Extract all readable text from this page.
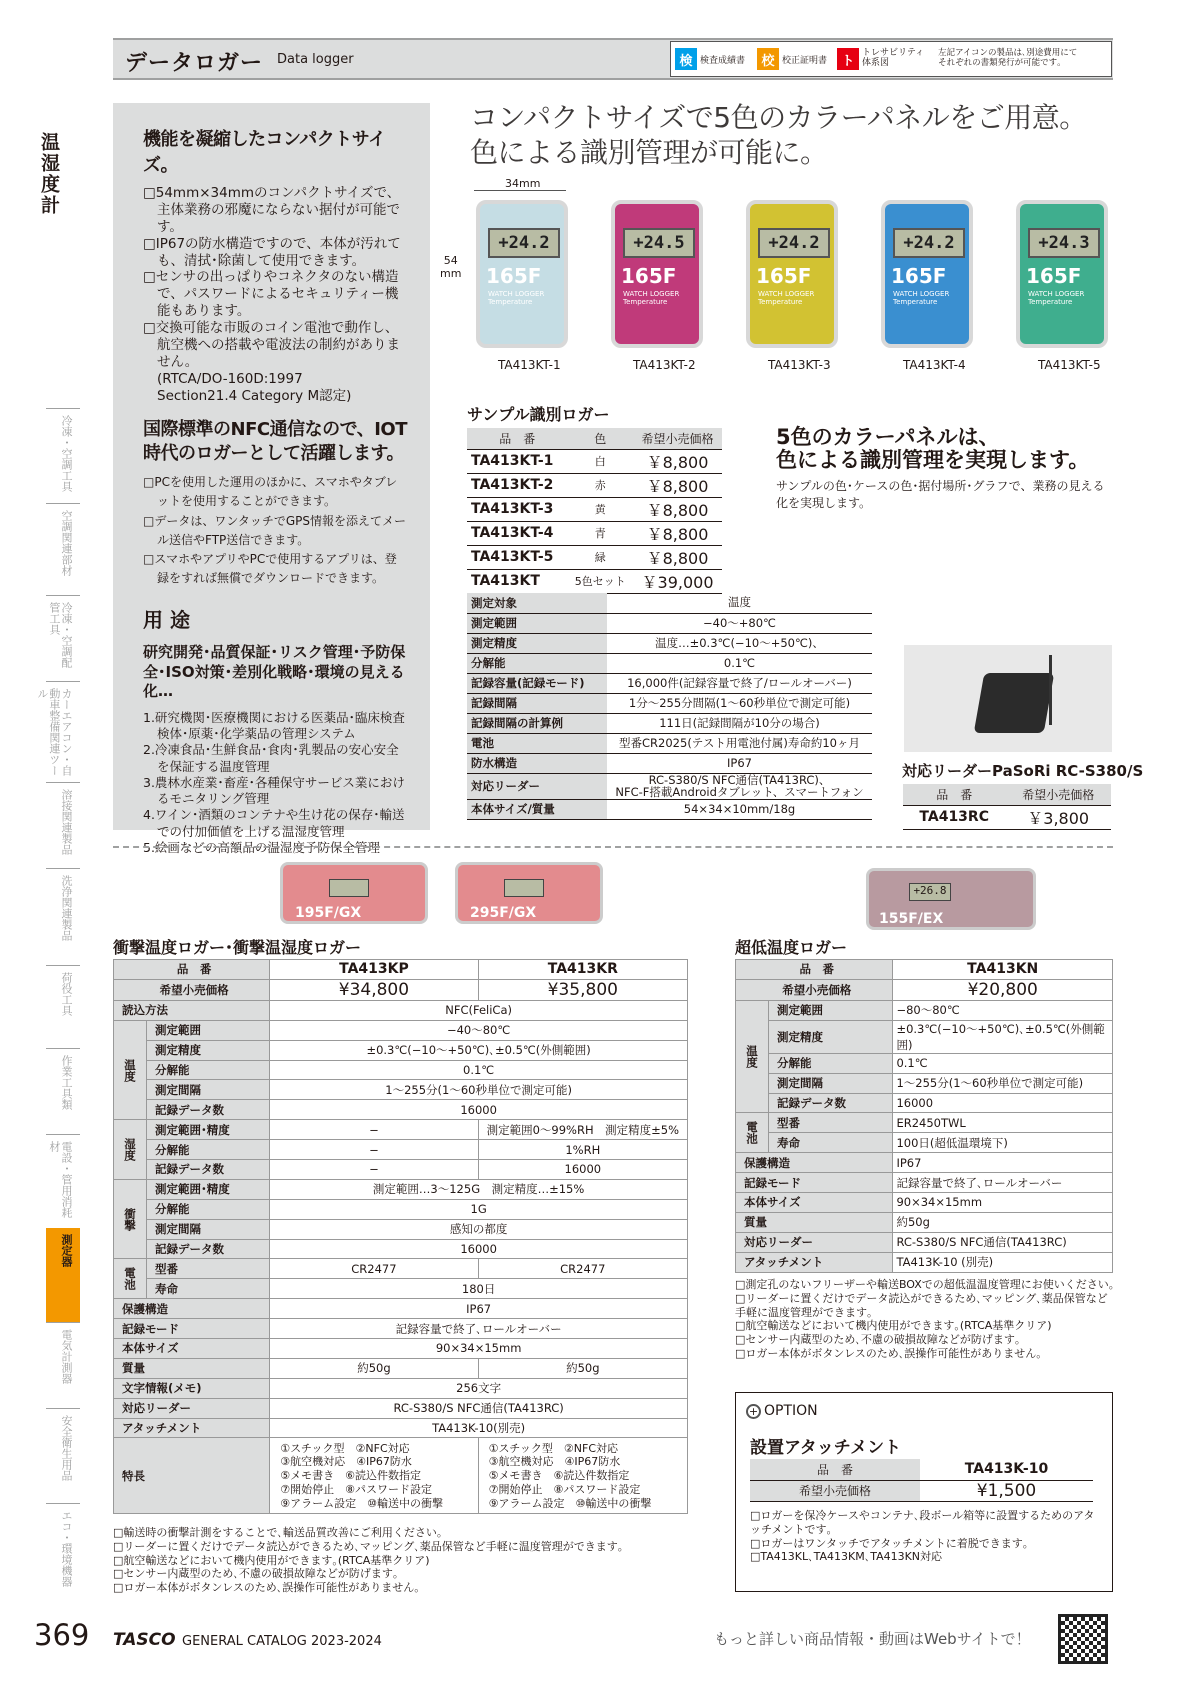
データロガー Data logger	検 検査成績書	校 校正証明書	ト
トレサビリティ
体系図
左記アイコンの製品は､別途費用にて
それぞれの書類発行が可能です｡
温湿度計
冷凍・空調工具
空調関連部材
冷凍・空調配管工具
カーエアコン・自動車整備関連ツール
溶接関連製品
洗浄関連製品
荷役工具
作業工具類
電設・管用消耗材
測定器
電気計測器
安全衛生用品
エコ・環境機器
機能を凝縮したコンパクトサイズ｡

□54mm×34mmのコンパクトサイズで、主体業務の邪魔にならない据付が可能です。

□IP67の防水構造ですので、本体が汚れても、清拭･除菌して使用できます。

□センサの出っぱりやコネクタのない構造で、パスワードによるセキュリティー機能もあります。

□交換可能な市販のコイン電池で動作し、航空機への搭載や電波法の制約がありません。

(RTCA/DO-160D:1997
Section21.4 Category M認定)

国際標準のNFC通信なので、IOT時代のロガーとして活躍します。

□PCを使用した運用のほかに、スマホやタブレットを使用することができます。

□データは、ワンタッチでGPS情報を添えてメール送信やFTP送信できます。

□スマホやアプリやPCで使用するアプリは、登録をすれば無償でダウンロードできます。

用 途

研究開発･品質保証･リスク管理･予防保全･ISO対策･差別化戦略･環境の見える化…

1.研究機関･医療機関における医薬品･臨床検査検体･原薬･化学薬品の管理システム

2.冷凍食品･生鮮食品･食肉･乳製品の安心安全を保証する温度管理

3.農林水産業･畜産･各種保守サービス業におけるモニタリング管理

4.ワイン･酒類のコンテナや生け花の保存･輸送での付加価値を上げる温湿度管理

5.絵画などの高額品の温湿度予防保全管理

コンパクトサイズで5色のカラーパネルをご用意。
色による識別管理が可能に。
34mm
54
mm
+24.2
165F
WATCH LOGGER
Temperature
TA413KT-1
+24.5
165F
WATCH LOGGER
Temperature
TA413KT-2
+24.2
165F
WATCH LOGGER
Temperature
TA413KT-3
+24.2
165F
WATCH LOGGER
Temperature
TA413KT-4
+24.3
165F
WATCH LOGGER
Temperature
TA413KT-5
サンプル識別ロガー
品　番	色	希望小売価格
TA413KT-1	白	￥8,800
TA413KT-2	赤	￥8,800
TA413KT-3	黄	￥8,800
TA413KT-4	青	￥8,800
TA413KT-5	緑	￥8,800
TA413KT	5色セット	￥39,000
5色のカラーパネルは、
色による識別管理を実現します。
サンプルの色･ケースの色･据付場所･グラフで、業務の見える化を実現します。
測定対象	温度
測定範囲	−40〜+80℃
測定精度	温度…±0.3℃(−10〜+50℃)、
分解能	0.1℃
記録容量(記録モード)	16,000件(記録容量で終了/ロールオーバー)
記録間隔	1分〜255分間隔(1〜60秒単位で測定可能)
記録間隔の計算例	111日(記録間隔が10分の場合)
電池	型番CR2025(テスト用電池付属)寿命約10ヶ月
防水構造	IP67
対応リーダー	RC-S380/S NFC通信(TA413RC)、
NFC-F搭載Androidタブレット、スマートフォン
本体サイズ/質量	54×34×10mm/18g
対応リーダーPaSoRi RC-S380/S
品　番	希望小売価格
TA413RC	￥3,800
195F/GX	295F/GX	155F/EX
+26.8
衝撃温度ロガー･衝撃温湿度ロガー
品　番		TA413KP	TA413KR
希望小売価格		¥34,800	¥35,800
読込方法		NFC(FeliCa)	
温度	測定範囲	−40〜80℃	
	測定精度	±0.3℃(−10〜+50℃)､±0.5℃(外側範囲)	
	分解能	0.1℃	
	測定間隔	1〜255分(1〜60秒単位で測定可能)	
	記録データ数	16000	
湿度	測定範囲･精度	−	測定範囲0〜99%RH　測定精度±5%
	分解能	−	1%RH
	記録データ数	−	16000
衝撃	測定範囲･精度	測定範囲…3〜125G　測定精度…±15%	
	分解能	1G	
	測定間隔	感知の都度	
	記録データ数	16000	
電池	型番	CR2477	CR2477
	寿命	180日	
保護構造		IP67	
記録モード		記録容量で終了､ロールオーバー	
本体サイズ		90×34×15mm	
質量		約50g	約50g
文字情報(メモ)		256文字	
対応リーダー		RC-S380/S NFC通信(TA413RC)	
アタッチメント		TA413K-10(別売)	
特長		①スチック型　②NFC対応
③航空機対応　④IP67防水
⑤メモ書き　⑥読込件数指定
⑦開始停止　⑧パスワード設定
⑨アラーム設定　⑩輸送中の衝撃	①スチック型　②NFC対応
③航空機対応　④IP67防水
⑤メモ書き　⑥読込件数指定
⑦開始停止　⑧パスワード設定
⑨アラーム設定　⑩輸送中の衝撃

□輸送時の衝撃計測をすることで､輸送品質改善にご利用ください｡

□リーダーに置くだけでデータ読込ができるため､マッピング､薬品保管など手軽に温度管理ができます｡

□航空輸送などにおいて機内使用ができます｡(RTCA基準クリア)

□センサー内蔵型のため､不慮の破損故障などが防げます｡

□ロガー本体がボタンレスのため､誤操作可能性がありません｡

超低温度ロガー
品　番		TA413KN
希望小売価格		¥20,800
温度	測定範囲	−80〜80℃
	測定精度	±0.3℃(−10〜+50℃)､±0.5℃(外側範囲)
	分解能	0.1℃
	測定間隔	1〜255分(1〜60秒単位で測定可能)
	記録データ数	16000
電池	型番	ER2450TWL
	寿命	100日(超低温環境下)
保護構造		IP67
記録モード		記録容量で終了､ロールオーバー
本体サイズ		90×34×15mm
質量		約50g
対応リーダー		RC-S380/S NFC通信(TA413RC)
アタッチメント		TA413K-10 (別売)

□測定孔のないフリーザーや輸送BOXでの超低温温度管理にお使いください｡

□リーダーに置くだけでデータ読込ができるため､マッピング､薬品保管など手軽に温度管理ができます｡

□航空輸送などにおいて機内使用ができます｡(RTCA基準クリア)

□センサー内蔵型のため､不慮の破損故障などが防げます｡

□ロガー本体がボタンレスのため､誤操作可能性がありません｡

+ OPTION
設置アタッチメント
品　番	TA413K-10
希望小売価格	¥1,500

□ロガーを保冷ケースやコンテナ､段ボール箱等に設置するためのアタッチメントです｡

□ロガーはワンタッチでアタッチメントに着脱できます｡

□TA413KL､TA413KM､TA413KN対応

369 TASCO GENERAL CATALOG 2023-2024	もっと詳しい商品情報・動画はWebサイトで！
